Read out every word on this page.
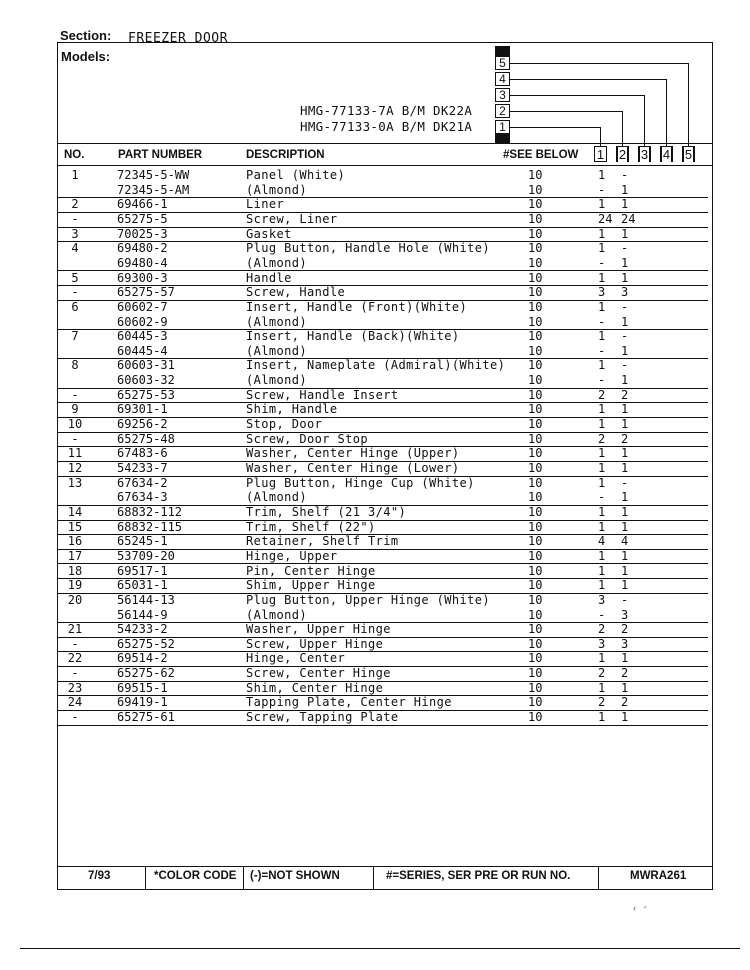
Section: FREEZER DOOR
Models:	5
4
3
2
HMG-77133-7A B/M DK22A
1
HMG-77133-0A B/M DK21A
NO.	PART NUMBER	DESCRIPTION	#SEE BELOW 1 2 3 4 5
1	72345-5-WW	Panel (White)	10	1 -
72345-5-AM	(Almond)	10	- 1
2	69466-1	Liner	10	1 1
-	65275-5	Screw, Liner	10	24 24
3	70025-3	Gasket	10	1 1
4	69480-2	Plug Button, Handle Hole (White)	10	1 -
69480-4	(Almond)	10	- 1
5	69300-3	Handle	10	1 1
-	65275-57	Screw, Handle	10	3 3
6	60602-7	Insert, Handle (Front)(White)	10	1 -
60602-9	(Almond)	10	- 1
7	60445-3	Insert, Handle (Back)(White)	10	1 -
60445-4	(Almond)	10	- 1
8	60603-31	Insert, Nameplate (Admiral)(White) 10	1 -
60603-32	(Almond)	10	- 1
-	65275-53	Screw, Handle Insert	10	2 2
9	69301-1	Shim, Handle	10	1 1
10	69256-2	Stop, Door	10	1 1
-	65275-48	Screw, Door Stop	10	2 2
11	67483-6	Washer, Center Hinge (Upper)	10	1 1
12	54233-7	Washer, Center Hinge (Lower)	10	1 1
13	67634-2	Plug Button, Hinge Cup (White)	10	1 -
67634-3	(Almond)	10	- 1
14	68832-112	Trim, Shelf (21 3/4")	10	1 1
15	68832-115	Trim, Shelf (22")	10	1 1
16	65245-1	Retainer, Shelf Trim	10	4 4
17	53709-20	Hinge, Upper	10	1 1
18	69517-1	Pin, Center Hinge	10	1 1
19	65031-1	Shim, Upper Hinge	10	1 1
20	56144-13	Plug Button, Upper Hinge (White)	10	3 -
56144-9	(Almond)	10	- 3
21	54233-2	Washer, Upper Hinge	10	2 2
-	65275-52	Screw, Upper Hinge	10	3 3
22	69514-2	Hinge, Center	10	1 1
-	65275-62	Screw, Center Hinge	10	2 2
23	69515-1	Shim, Center Hinge	10	1 1
24	69419-1	Tapping Plate, Center Hinge	10	2 2
-	65275-61	Screw, Tapping Plate	10	1 1
7/93	*COLOR CODE (-)=NOT SHOWN	#=SERIES, SER PRE OR RUN NO.	MWRA261
ʻ ˊ
